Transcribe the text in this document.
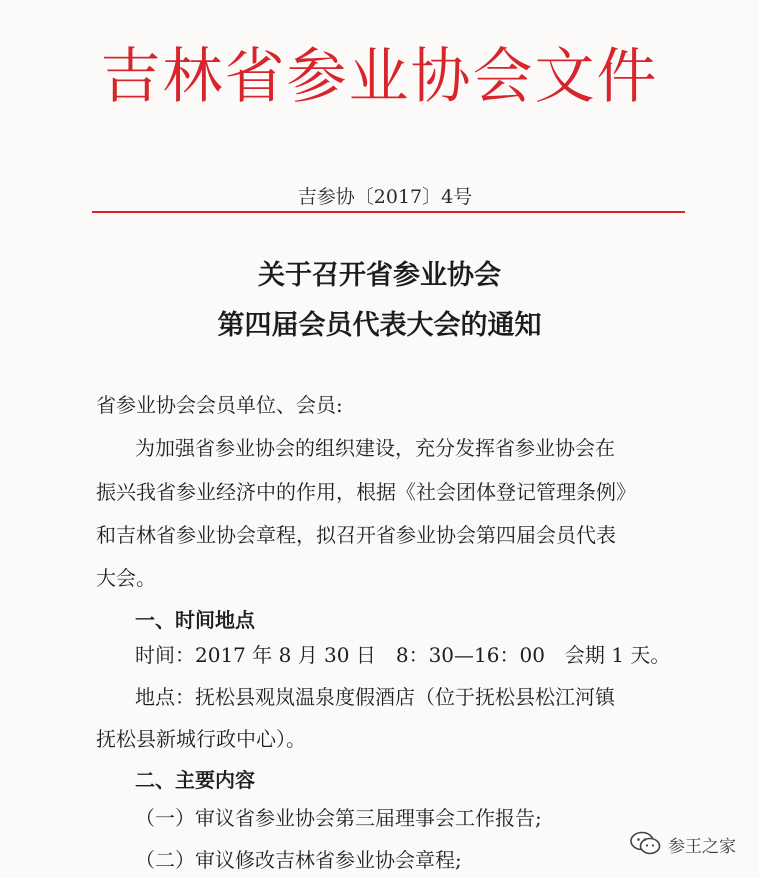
吉林省参业协会文件
吉参协〔2017〕4号
关于召开省参业协会
第四届会员代表大会的通知
省参业协会会员单位、会员:
为加强省参业协会的组织建设，充分发挥省参业协会在
振兴我省参业经济中的作用，根据《社会团体登记管理条例》
和吉林省参业协会章程，拟召开省参业协会第四届会员代表
大会。
一、时间地点
时间：2017 年 8 月 30 日　8：30—16：00　会期 1 天。
地点：抚松县观岚温泉度假酒店（位于抚松县松江河镇
抚松县新城行政中心）。
二、主要内容
（一）审议省参业协会第三届理事会工作报告;
（二）审议修改吉林省参业协会章程;
参王之家
